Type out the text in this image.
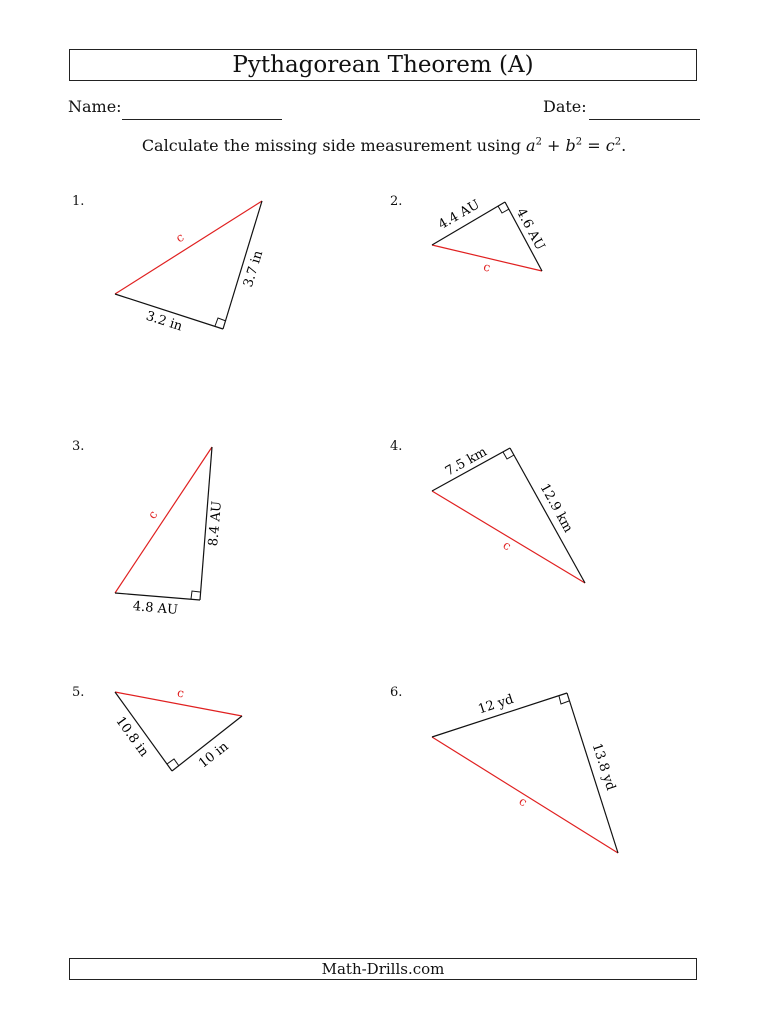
Pythagorean Theorem (A)
Name:	Date:
Calculate the missing side measurement using $a^2 + b^2 = c^2$.
1.	2.
3.	4.
5.	6.
c
3.2 in
3.7 in	c
4.4 AU 4.6 AU
c
4.8 AU
8.4 AU	c
7.5 km
12.9 km
c
10.8 in	10 in
c
12 yd
13.8 yd
Math-Drills.com
